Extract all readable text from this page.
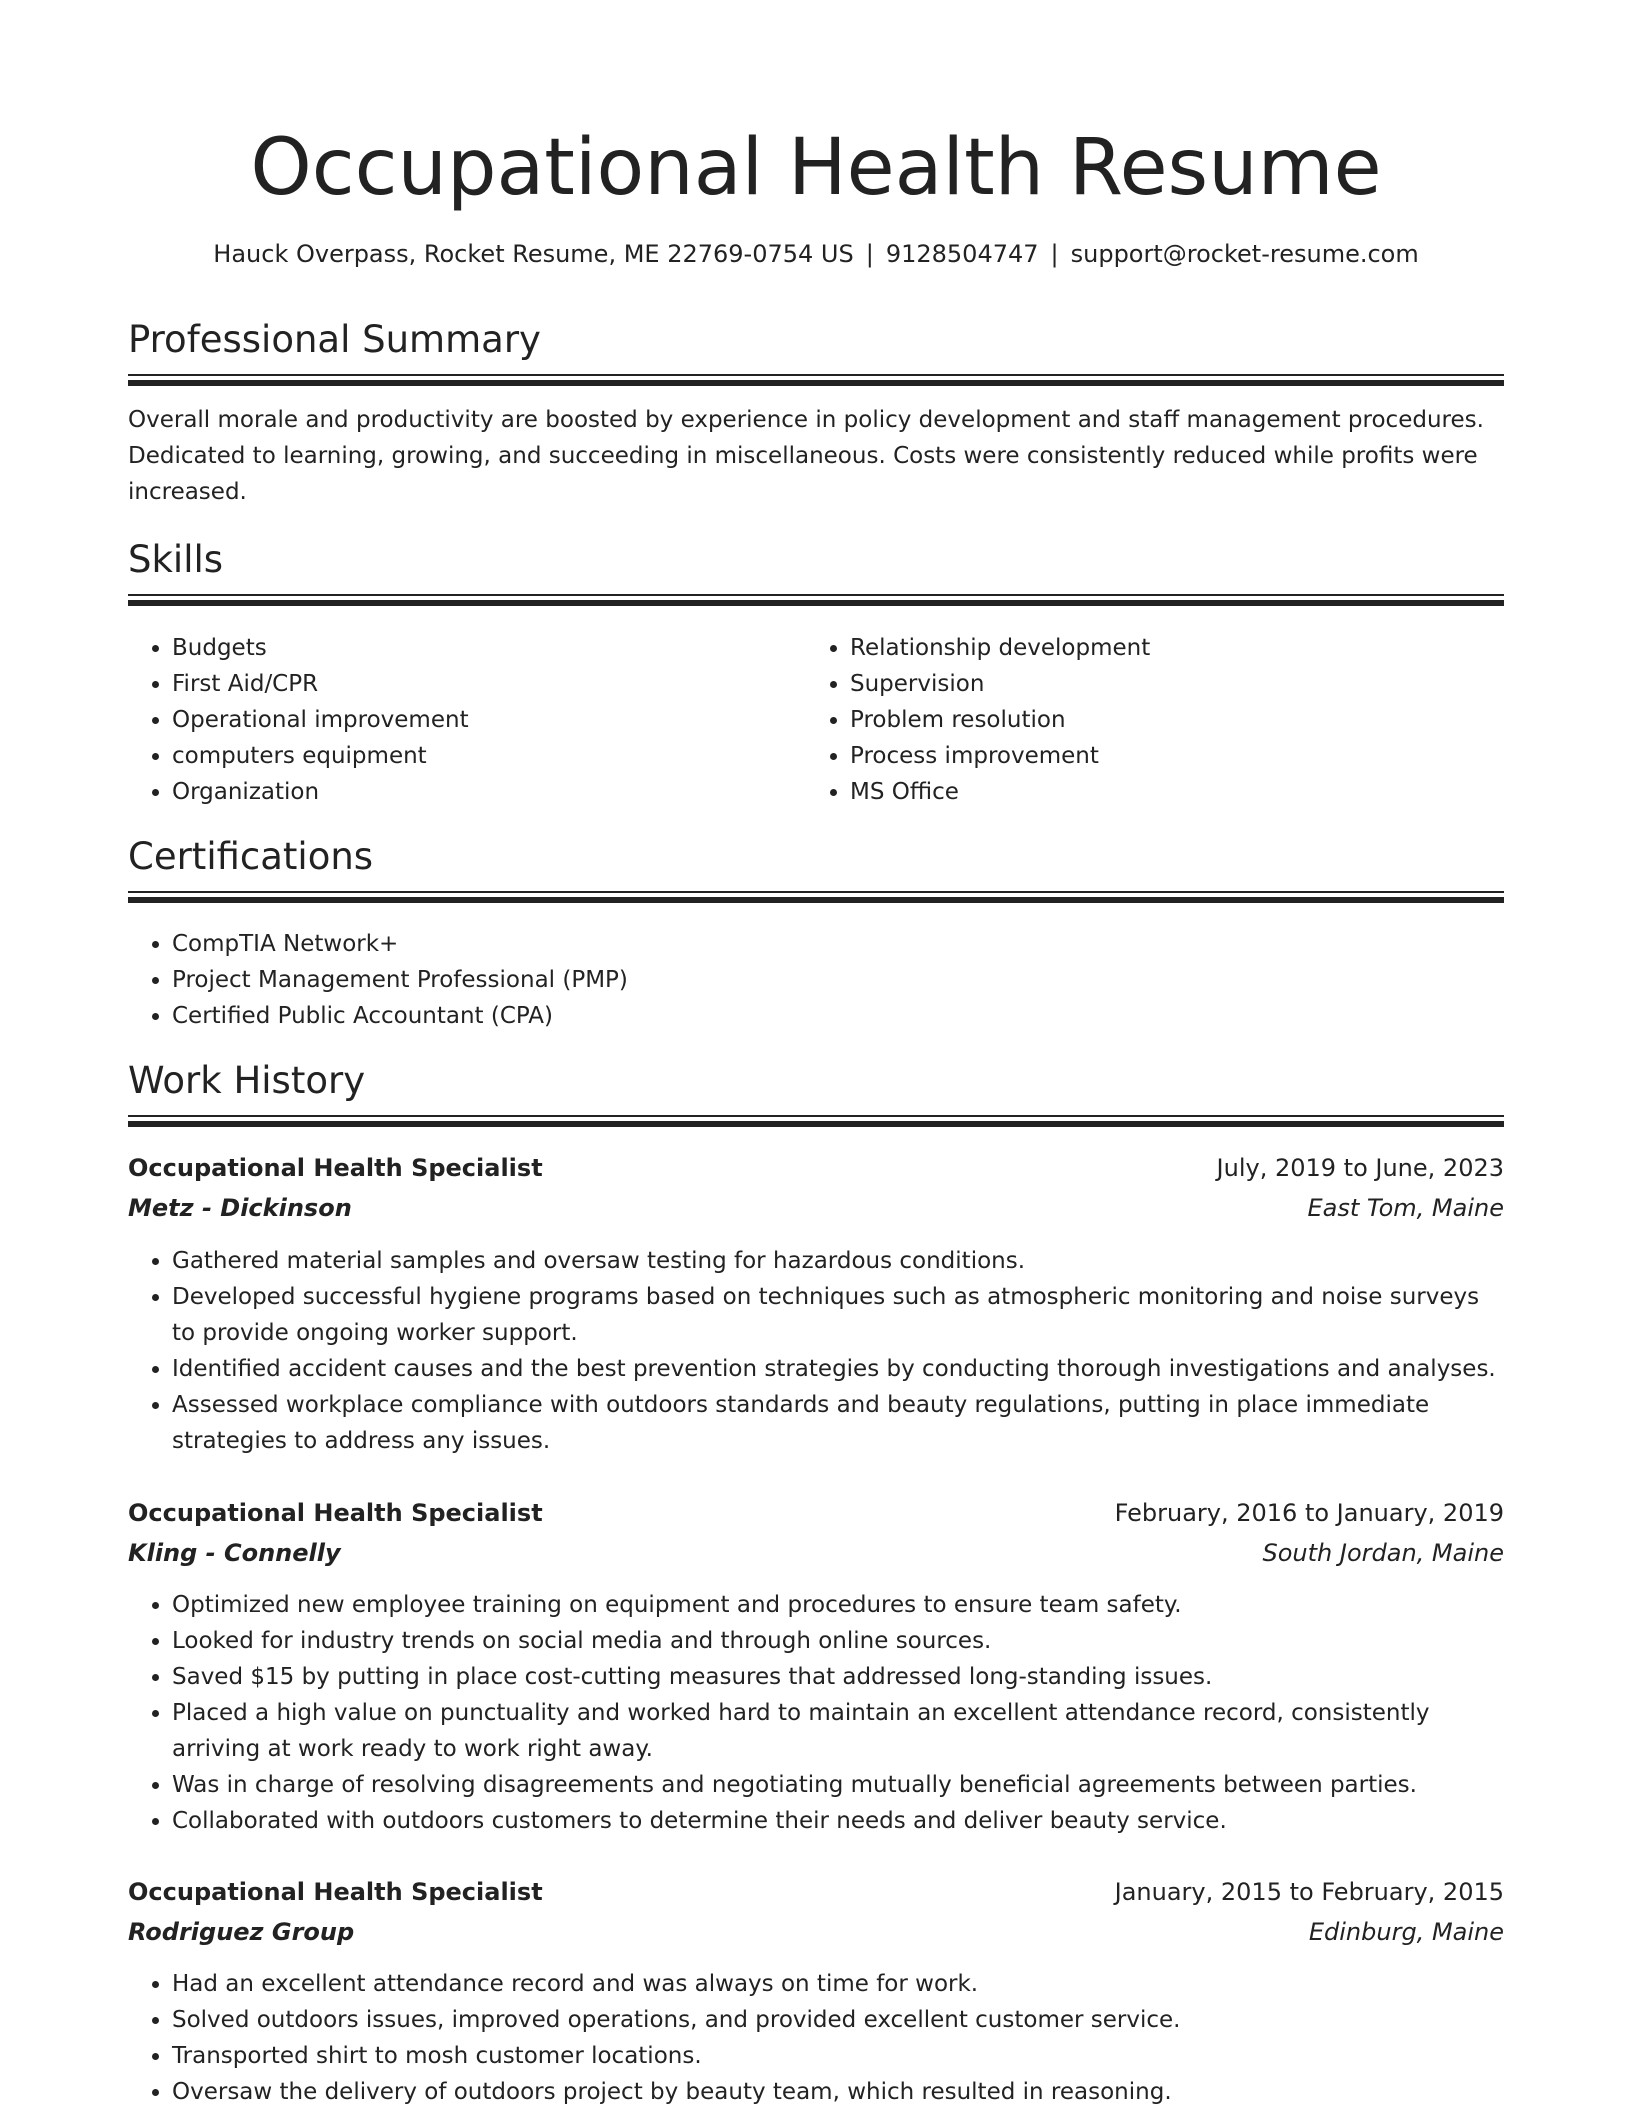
Occupational Health Resume
Hauck Overpass, Rocket Resume, ME 22769-0754 US | 9128504747 | support@rocket-resume.com
Professional Summary
Overall morale and productivity are boosted by experience in policy development and staff management procedures. Dedicated to learning, growing, and succeeding in miscellaneous. Costs were consistently reduced while profits were increased.
Skills
• Budgets
• First Aid/CPR
• Operational improvement
• computers equipment
• Organization
• Relationship development
• Supervision
• Problem resolution
• Process improvement
• MS Office
Certifications
• CompTIA Network+
• Project Management Professional (PMP)
• Certified Public Accountant (CPA)
Work History
Occupational Health Specialist	July, 2019 to June, 2023
Metz - Dickinson	East Tom, Maine
• Gathered material samples and oversaw testing for hazardous conditions.
• Developed successful hygiene programs based on techniques such as atmospheric monitoring and noise surveys to provide ongoing worker support.
• Identified accident causes and the best prevention strategies by conducting thorough investigations and analyses.
• Assessed workplace compliance with outdoors standards and beauty regulations, putting in place immediate strategies to address any issues.
Occupational Health Specialist	February, 2016 to January, 2019
Kling - Connelly	South Jordan, Maine
• Optimized new employee training on equipment and procedures to ensure team safety.
• Looked for industry trends on social media and through online sources.
• Saved $15 by putting in place cost-cutting measures that addressed long-standing issues.
• Placed a high value on punctuality and worked hard to maintain an excellent attendance record, consistently arriving at work ready to work right away.
• Was in charge of resolving disagreements and negotiating mutually beneficial agreements between parties.
• Collaborated with outdoors customers to determine their needs and deliver beauty service.
Occupational Health Specialist	January, 2015 to February, 2015
Rodriguez Group	Edinburg, Maine
• Had an excellent attendance record and was always on time for work.
• Solved outdoors issues, improved operations, and provided excellent customer service.
• Transported shirt to mosh customer locations.
• Oversaw the delivery of outdoors project by beauty team, which resulted in reasoning.
